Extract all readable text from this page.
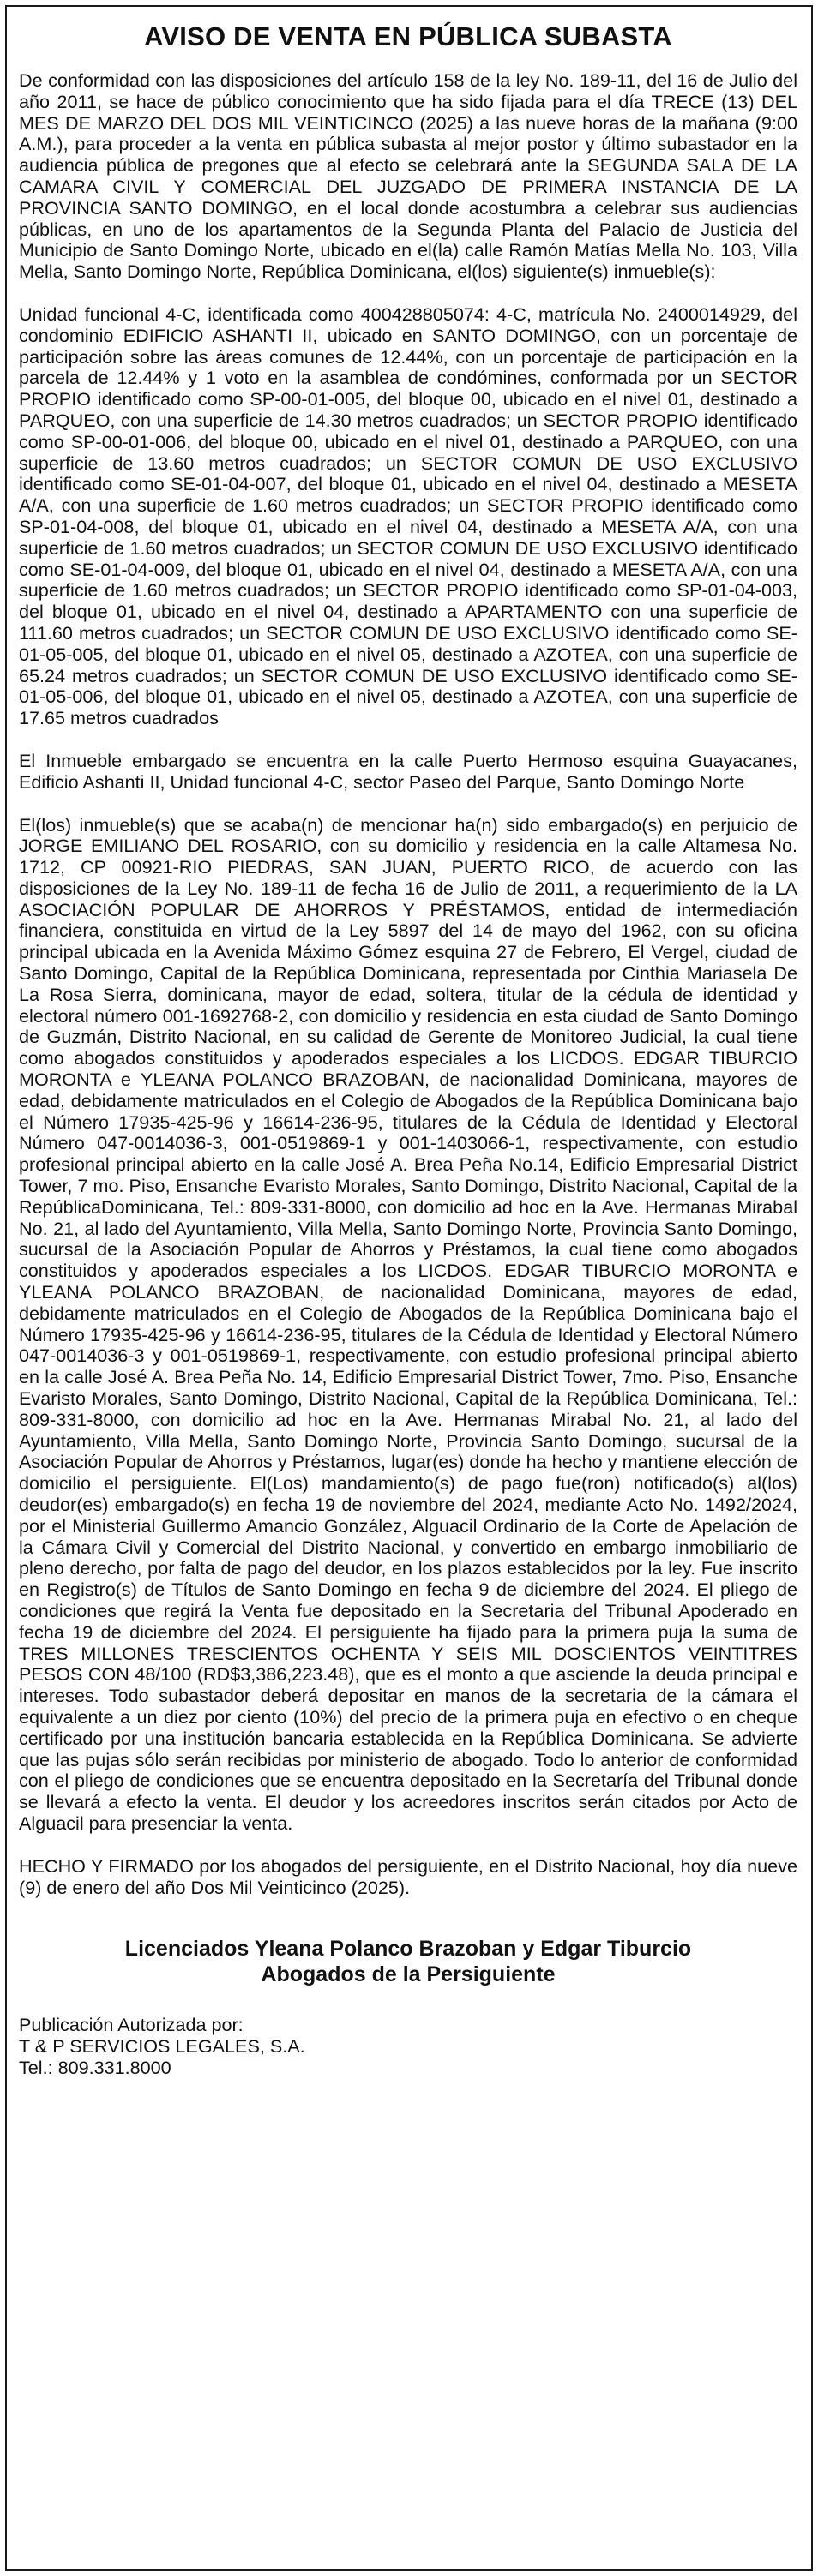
AVISO DE VENTA EN PÚBLICA SUBASTA

De conformidad con las disposiciones del artículo 158 de la ley No. 189-11, del 16 de Julio del año 2011, se hace de público conocimiento que ha sido fijada para el día TRECE (13) DEL MES DE MARZO DEL DOS MIL VEINTICINCO (2025) a las nueve horas de la mañana (9:00 A.M.), para proceder a la venta en pública subasta al mejor postor y último subastador en la audiencia pública de pregones que al efecto se celebrará ante la SEGUNDA SALA DE LA CAMARA CIVIL Y COMERCIAL DEL JUZGADO DE PRIMERA INSTANCIA DE LA PROVINCIA SANTO DOMINGO, en el local donde acostumbra a celebrar sus audiencias públicas, en uno de los apartamentos de la Segunda Planta del Palacio de Justicia del Municipio de Santo Domingo Norte, ubicado en el(la) calle Ramón Matías Mella No. 103, Villa Mella, Santo Domingo Norte, República Dominicana, el(los) siguiente(s) inmueble(s):

Unidad funcional 4-C, identificada como 400428805074: 4-C, matrícula No. 2400014929, del condominio EDIFICIO ASHANTI II, ubicado en SANTO DOMINGO, con un porcentaje de participación sobre las áreas comunes de 12.44%, con un porcentaje de participación en la parcela de 12.44% y 1 voto en la asamblea de condómines, conformada por un SECTOR PROPIO identificado como SP-00-01-005, del bloque 00, ubicado en el nivel 01, destinado a PARQUEO, con una superficie de 14.30 metros cuadrados; un SECTOR PROPIO identificado como SP-00-01-006, del bloque 00, ubicado en el nivel 01, destinado a PARQUEO, con una superficie de 13.60 metros cuadrados; un SECTOR COMUN DE USO EXCLUSIVO identificado como SE-01-04-007, del bloque 01, ubicado en el nivel 04, destinado a MESETA A/A, con una superficie de 1.60 metros cuadrados; un SECTOR PROPIO identificado como SP-01-04-008, del bloque 01, ubicado en el nivel 04, destinado a MESETA A/A, con una superficie de 1.60 metros cuadrados; un SECTOR COMUN DE USO EXCLUSIVO identificado como SE-01-04-009, del bloque 01, ubicado en el nivel 04, destinado a MESETA A/A, con una superficie de 1.60 metros cuadrados; un SECTOR PROPIO identificado como SP-01-04-003, del bloque 01, ubicado en el nivel 04, destinado a APARTAMENTO con una superficie de 111.60 metros cuadrados; un SECTOR COMUN DE USO EXCLUSIVO identificado como SE-01-05-005, del bloque 01, ubicado en el nivel 05, destinado a AZOTEA, con una superficie de 65.24 metros cuadrados; un SECTOR COMUN DE USO EXCLUSIVO identificado como SE-01-05-006, del bloque 01, ubicado en el nivel 05, destinado a AZOTEA, con una superficie de 17.65 metros cuadrados

El Inmueble embargado se encuentra en la calle Puerto Hermoso esquina Guayacanes, Edificio Ashanti II, Unidad funcional 4-C, sector Paseo del Parque, Santo Domingo Norte

El(los) inmueble(s) que se acaba(n) de mencionar ha(n) sido embargado(s) en perjuicio de JORGE EMILIANO DEL ROSARIO, con su domicilio y residencia en la calle Altamesa No. 1712, CP 00921-RIO PIEDRAS, SAN JUAN, PUERTO RICO, de acuerdo con las disposiciones de la Ley No. 189-11 de fecha 16 de Julio de 2011, a requerimiento de la LA ASOCIACIÓN POPULAR DE AHORROS Y PRÉSTAMOS, entidad de intermediación financiera, constituida en virtud de la Ley 5897 del 14 de mayo del 1962, con su oficina principal ubicada en la Avenida Máximo Gómez esquina 27 de Febrero, El Vergel, ciudad de Santo Domingo, Capital de la República Dominicana, representada por Cinthia Mariasela De La Rosa Sierra, dominicana, mayor de edad, soltera, titular de la cédula de identidad y electoral número 001-1692768-2, con domicilio y residencia en esta ciudad de Santo Domingo de Guzmán, Distrito Nacional, en su calidad de Gerente de Monitoreo Judicial, la cual tiene como abogados constituidos y apoderados especiales a los LICDOS. EDGAR TIBURCIO MORONTA e YLEANA POLANCO BRAZOBAN, de nacionalidad Dominicana, mayores de edad, debidamente matriculados en el Colegio de Abogados de la República Dominicana bajo el Número 17935-425-96 y 16614-236-95, titulares de la Cédula de Identidad y Electoral Número 047-0014036-3, 001-0519869-1 y 001-1403066-1, respectivamente, con estudio profesional principal abierto en la calle José A. Brea Peña No.14, Edificio Empresarial District Tower, 7 mo. Piso, Ensanche Evaristo Morales, Santo Domingo, Distrito Nacional, Capital de la RepúblicaDominicana, Tel.: 809-331-8000, con domicilio ad hoc en la Ave. Hermanas Mirabal No. 21, al lado del Ayuntamiento, Villa Mella, Santo Domingo Norte, Provincia Santo Domingo, sucursal de la Asociación Popular de Ahorros y Préstamos, la cual tiene como abogados constituidos y apoderados especiales a los LICDOS. EDGAR TIBURCIO MORONTA e YLEANA POLANCO BRAZOBAN, de nacionalidad Dominicana, mayores de edad, debidamente matriculados en el Colegio de Abogados de la República Dominicana bajo el Número 17935-425-96 y 16614-236-95, titulares de la Cédula de Identidad y Electoral Número 047-0014036-3 y 001-0519869-1, respectivamente, con estudio profesional principal abierto en la calle José A. Brea Peña No. 14, Edificio Empresarial District Tower, 7mo. Piso, Ensanche Evaristo Morales, Santo Domingo, Distrito Nacional, Capital de la República Dominicana, Tel.: 809-331-8000, con domicilio ad hoc en la Ave. Hermanas Mirabal No. 21, al lado del Ayuntamiento, Villa Mella, Santo Domingo Norte, Provincia Santo Domingo, sucursal de la Asociación Popular de Ahorros y Préstamos, lugar(es) donde ha hecho y mantiene elección de domicilio el persiguiente. El(Los) mandamiento(s) de pago fue(ron) notificado(s) al(los) deudor(es) embargado(s) en fecha 19 de noviembre del 2024, mediante Acto No. 1492/2024, por el Ministerial Guillermo Amancio González, Alguacil Ordinario de la Corte de Apelación de la Cámara Civil y Comercial del Distrito Nacional, y convertido en embargo inmobiliario de pleno derecho, por falta de pago del deudor, en los plazos establecidos por la ley. Fue inscrito en Registro(s) de Títulos de Santo Domingo en fecha 9 de diciembre del 2024. El pliego de condiciones que regirá la Venta fue depositado en la Secretaria del Tribunal Apoderado en fecha 19 de diciembre del 2024. El persiguiente ha fijado para la primera puja la suma de TRES MILLONES TRESCIENTOS OCHENTA Y SEIS MIL DOSCIENTOS VEINTITRES PESOS CON 48/100 (RD$3,386,223.48), que es el monto a que asciende la deuda principal e intereses. Todo subastador deberá depositar en manos de la secretaria de la cámara el equivalente a un diez por ciento (10%) del precio de la primera puja en efectivo o en cheque certificado por una institución bancaria establecida en la República Dominicana. Se advierte que las pujas sólo serán recibidas por ministerio de abogado. Todo lo anterior de conformidad con el pliego de condiciones que se encuentra depositado en la Secretaría del Tribunal donde se llevará a efecto la venta. El deudor y los acreedores inscritos serán citados por Acto de Alguacil para presenciar la venta.

HECHO Y FIRMADO por los abogados del persiguiente, en el Distrito Nacional, hoy día nueve (9) de enero del año Dos Mil Veinticinco (2025).

Licenciados Yleana Polanco Brazoban y Edgar Tiburcio
Abogados de la Persiguiente
Publicación Autorizada por:
T & P SERVICIOS LEGALES, S.A.
Tel.: 809.331.8000
